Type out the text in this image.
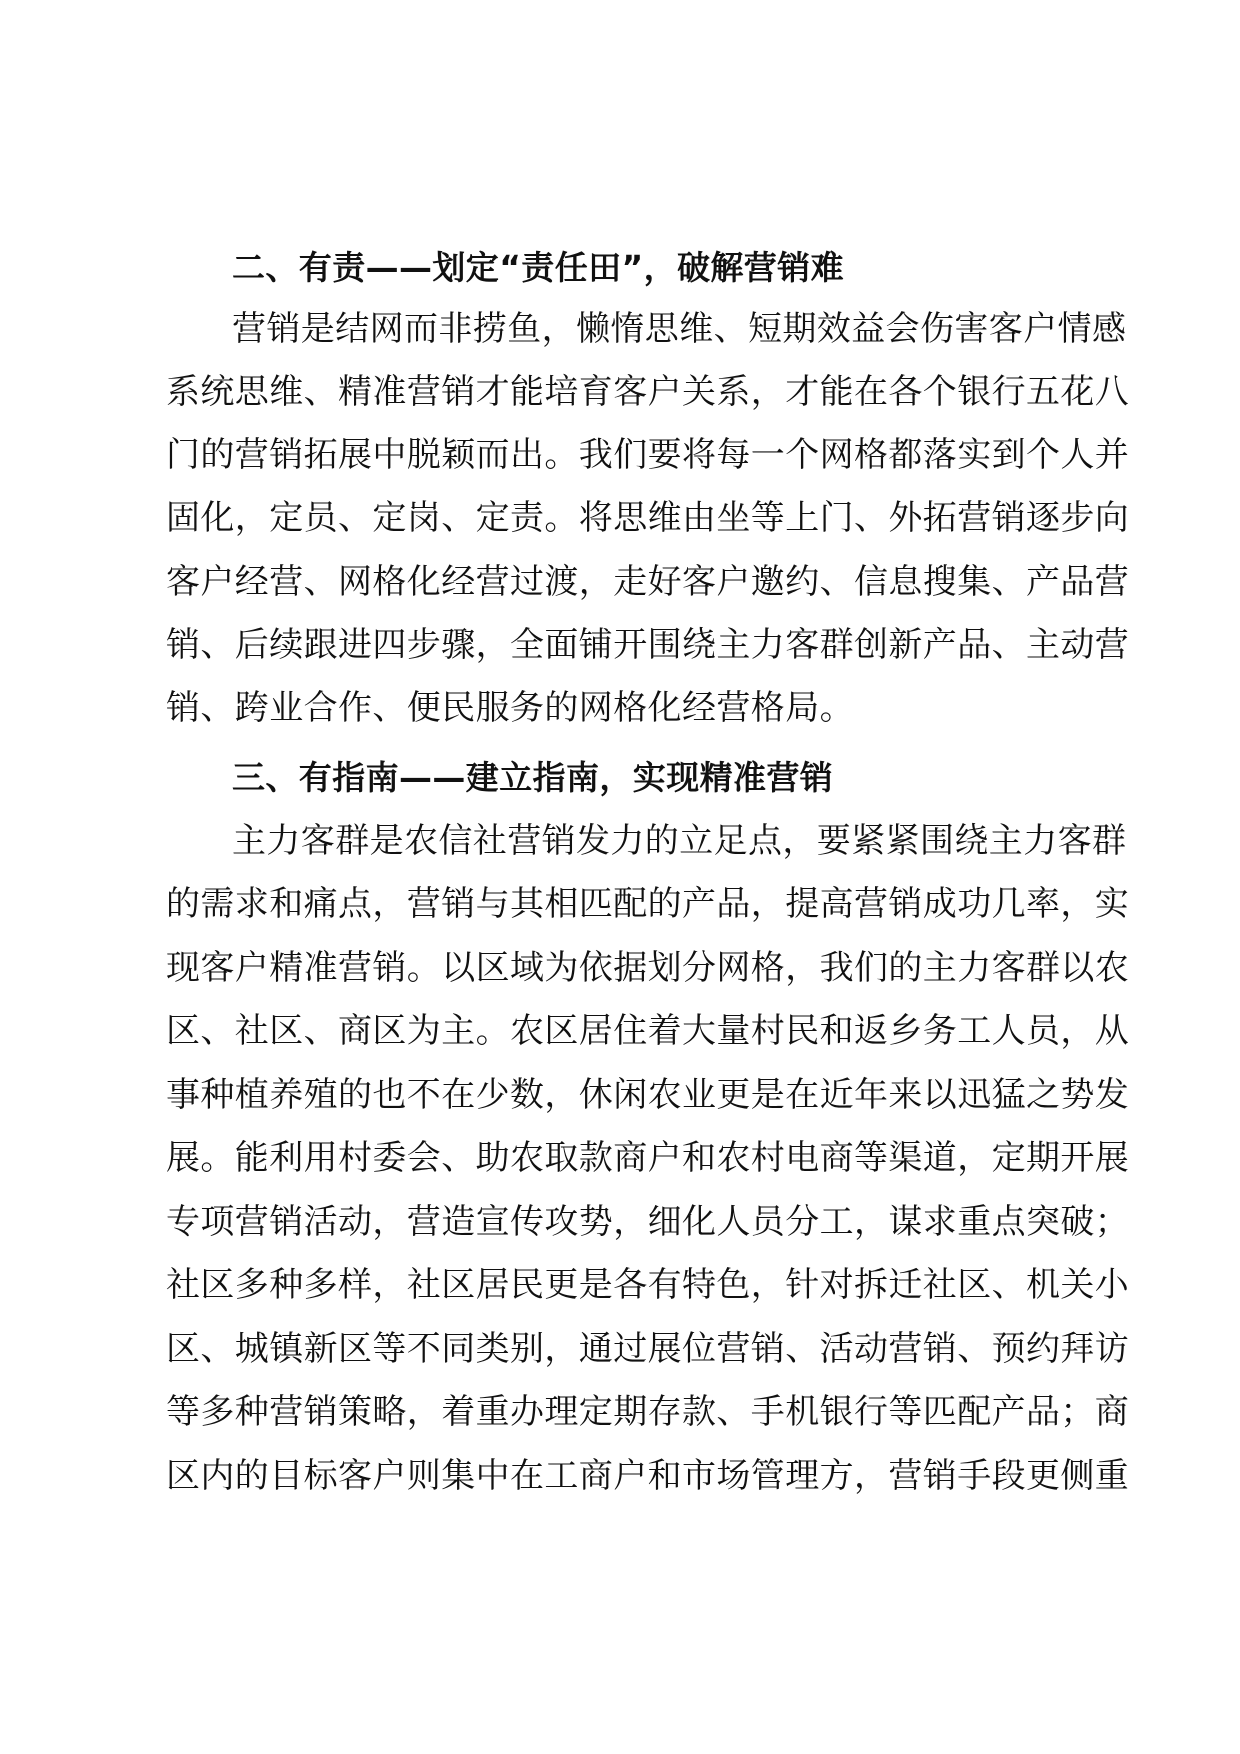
二、有责——划定“责任田”，破解营销难
营销是结网而非捞鱼，懒惰思维、短期效益会伤害客户情感
系统思维、精准营销才能培育客户关系，才能在各个银行五花八
门的营销拓展中脱颖而出。我们要将每一个网格都落实到个人并
固化，定员、定岗、定责。将思维由坐等上门、外拓营销逐步向
客户经营、网格化经营过渡，走好客户邀约、信息搜集、产品营
销、后续跟进四步骤，全面铺开围绕主力客群创新产品、主动营
销、跨业合作、便民服务的网格化经营格局。
三、有指南——建立指南，实现精准营销
主力客群是农信社营销发力的立足点，要紧紧围绕主力客群
的需求和痛点，营销与其相匹配的产品，提高营销成功几率，实
现客户精准营销。以区域为依据划分网格，我们的主力客群以农
区、社区、商区为主。农区居住着大量村民和返乡务工人员，从
事种植养殖的也不在少数，休闲农业更是在近年来以迅猛之势发
展。能利用村委会、助农取款商户和农村电商等渠道，定期开展
专项营销活动，营造宣传攻势，细化人员分工，谋求重点突破；
社区多种多样，社区居民更是各有特色，针对拆迁社区、机关小
区、城镇新区等不同类别，通过展位营销、活动营销、预约拜访
等多种营销策略，着重办理定期存款、手机银行等匹配产品；商
区内的目标客户则集中在工商户和市场管理方，营销手段更侧重
